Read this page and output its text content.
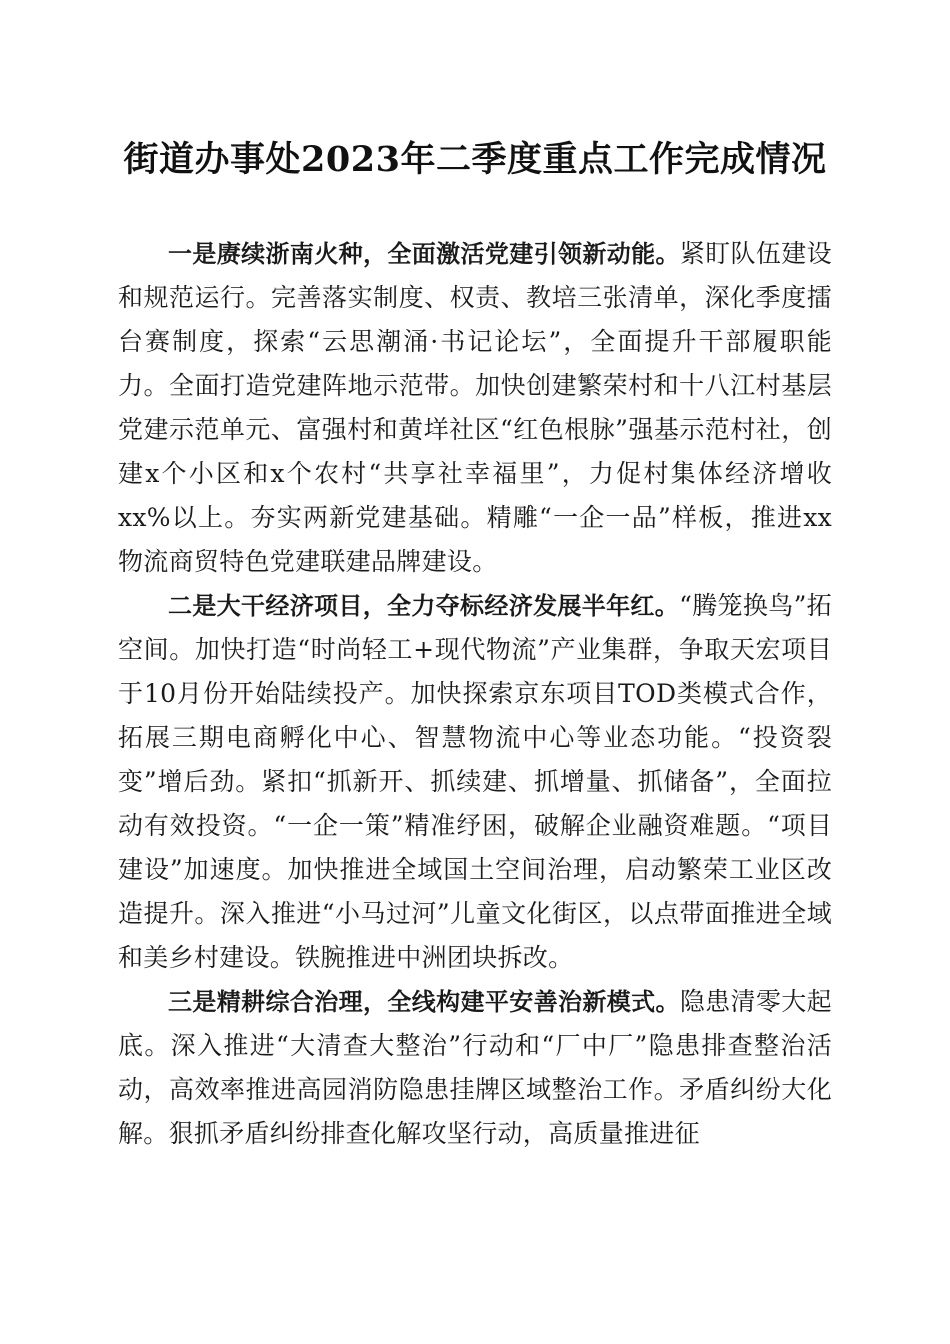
街道办事处2023年二季度重点工作完成情况

一是赓续浙南火种，全面激活党建引领新动能。紧盯队伍建设和规范运行。完善落实制度、权责、教培三张清单，深化季度擂台赛制度，探索“云思潮涌·书记论坛”，全面提升干部履职能力。全面打造党建阵地示范带。加快创建繁荣村和十八江村基层党建示范单元、富强村和黄垟社区“红色根脉”强基示范村社，创建x个小区和x个农村“共享社幸福里”，力促村集体经济增收xx%以上。夯实两新党建基础。精雕“一企一品”样板，推进xx物流商贸特色党建联建品牌建设。

二是大干经济项目，全力夺标经济发展半年红。“腾笼换鸟”拓空间。加快打造“时尚轻工+现代物流”产业集群，争取天宏项目于10月份开始陆续投产。加快探索京东项目TOD类模式合作，拓展三期电商孵化中心、智慧物流中心等业态功能。“投资裂变”增后劲。紧扣“抓新开、抓续建、抓增量、抓储备”，全面拉动有效投资。“一企一策”精准纾困，破解企业融资难题。“项目建设”加速度。加快推进全域国土空间治理，启动繁荣工业区改造提升。深入推进“小马过河”儿童文化街区，以点带面推进全域和美乡村建设。铁腕推进中洲团块拆改。

三是精耕综合治理，全线构建平安善治新模式。隐患清零大起底。深入推进“大清查大整治”行动和“厂中厂”隐患排查整治活动，高效率推进高园消防隐患挂牌区域整治工作。矛盾纠纷大化解。狠抓矛盾纠纷排查化解攻坚行动，高质量推进征
